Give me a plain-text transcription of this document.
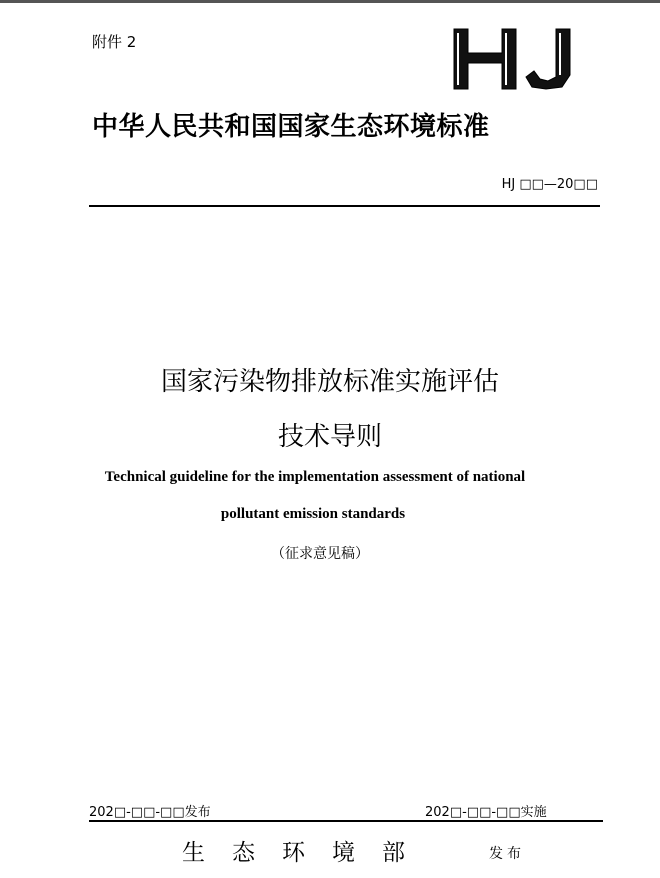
附件 2
HJ
中华人民共和国国家生态环境标准
HJ □□—20□□
国家污染物排放标准实施评估
技术导则
Technical guideline for the implementation assessment of national
pollutant emission standards
（征求意见稿）
202□-□□-□□发布	202□-□□-□□实施
生态环境部	发布
